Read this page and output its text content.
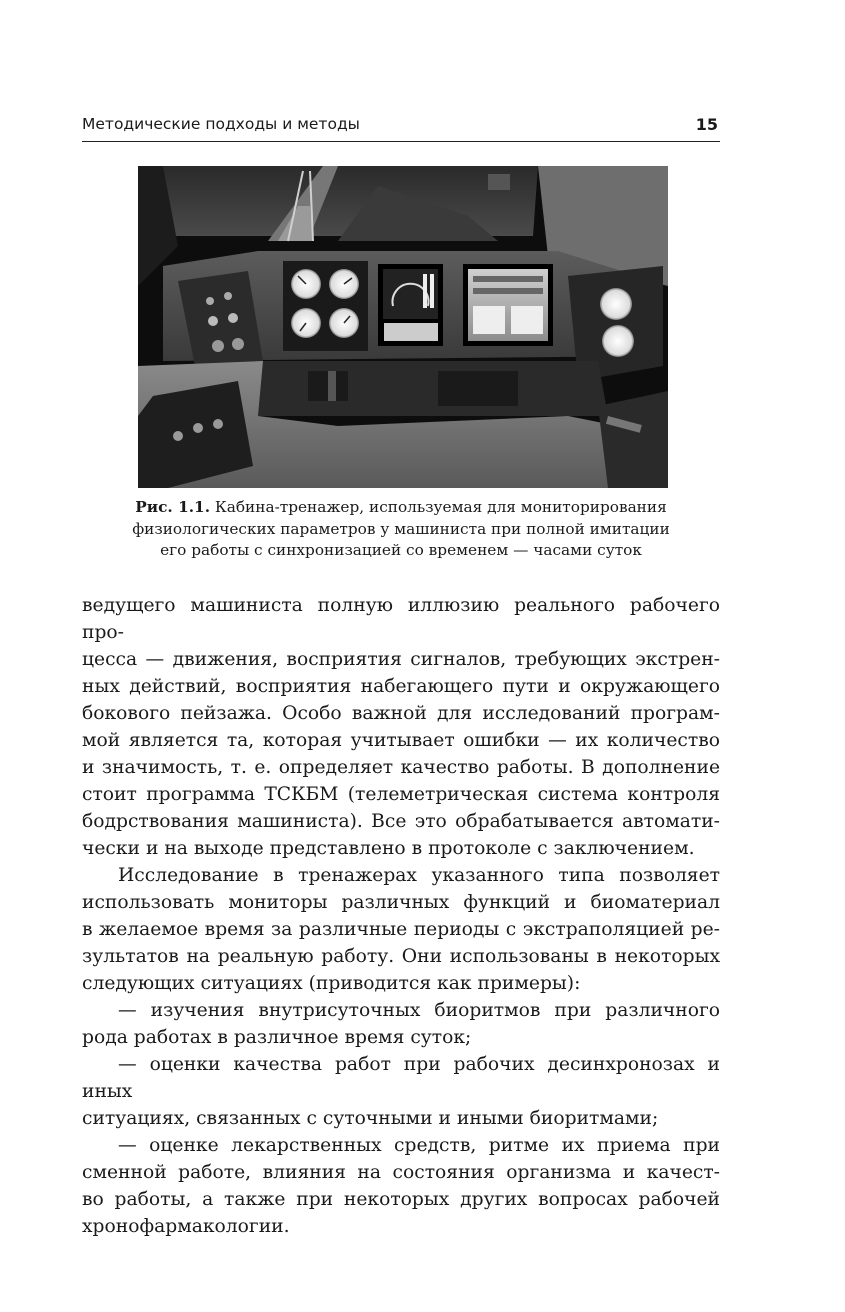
Методические подходы и методы	15
Рис. 1.1. Кабина-тренажер, используемая для мониторирования
физиологических параметров у машиниста при полной имитации
его работы с синхронизацией со временем — часами суток

ведущего машиниста полную иллюзию реального рабочего про-

цесса — движения, восприятия сигналов, требующих экстрен-

ных действий, восприятия набегающего пути и окружающего

бокового пейзажа. Особо важной для исследований програм-

мой является та, которая учитывает ошибки — их количество

и значимость, т. е. определяет качество работы. В дополнение

стоит программа ТСКБМ (телеметрическая система контроля

бодрствования машиниста). Все это обрабатывается автомати-

чески и на выходе представлено в протоколе с заключением.

Исследование в тренажерах указанного типа позволяет

использовать мониторы различных функций и биоматериал

в желаемое время за различные периоды с экстраполяцией ре-

зультатов на реальную работу. Они использованы в некоторых

следующих ситуациях (приводится как примеры):

— изучения внутрисуточных биоритмов при различного

рода работах в различное время суток;

— оценки качества работ при рабочих десинхронозах и иных

ситуациях, связанных с суточными и иными биоритмами;

— оценке лекарственных средств, ритме их приема при

сменной работе, влияния на состояния организма и качест-

во работы, а также при некоторых других вопросах рабочей

хронофармакологии.
